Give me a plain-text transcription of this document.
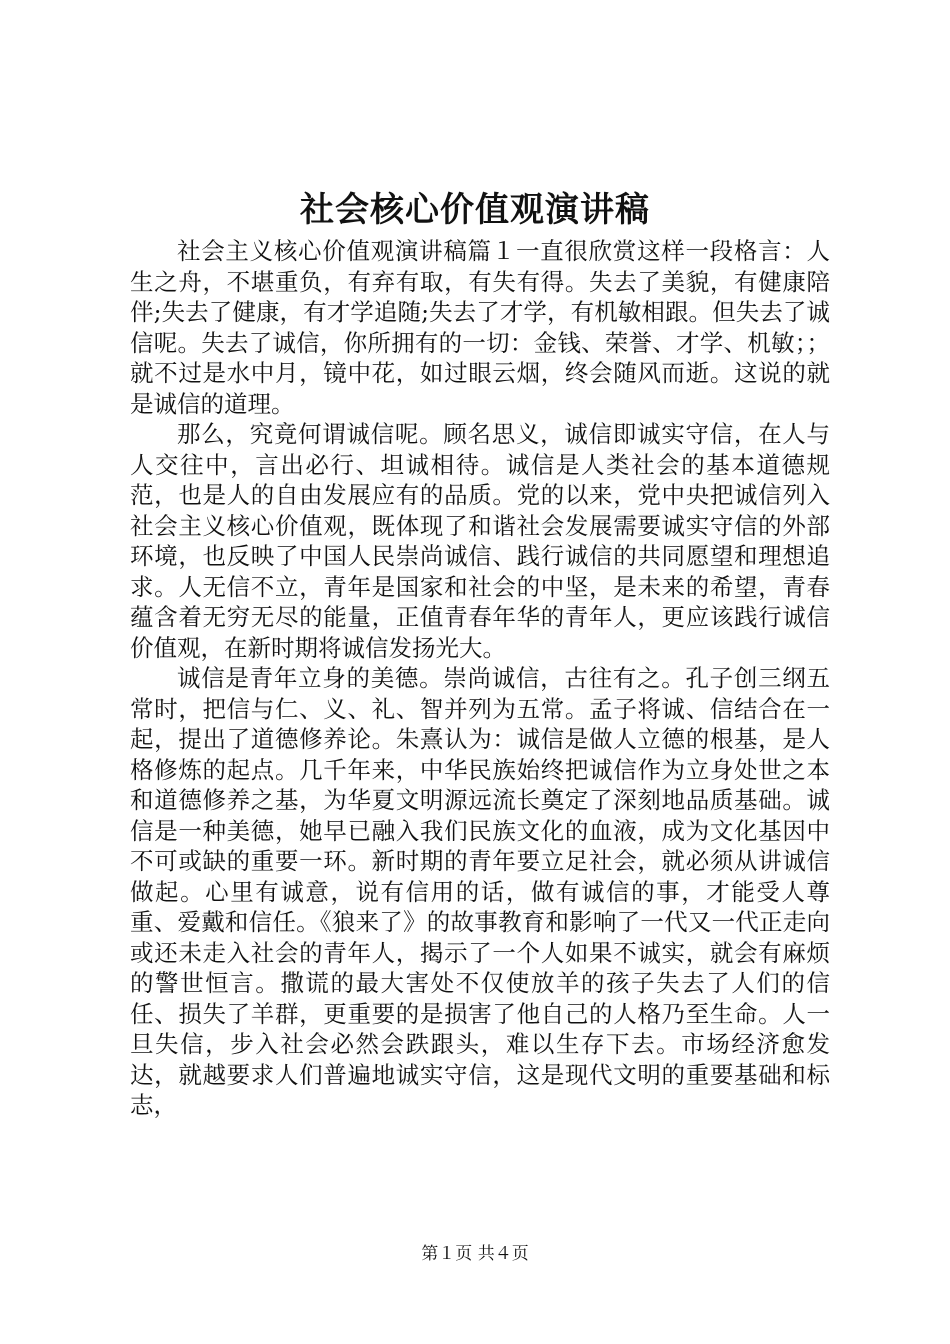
社会核心价值观演讲稿

社会主义核心价值观演讲稿篇１一直很欣赏这样一段格言：人生之舟，不堪重负，有弃有取，有失有得。失去了美貌，有健康陪伴;失去了健康，有才学追随;失去了才学，有机敏相跟。但失去了诚信呢。失去了诚信，你所拥有的一切：金钱、荣誉、才学、机敏；；就不过是水中月，镜中花，如过眼云烟，终会随风而逝。这说的就是诚信的道理。

那么，究竟何谓诚信呢。顾名思义，诚信即诚实守信，在人与人交往中，言出必行、坦诚相待。诚信是人类社会的基本道德规范，也是人的自由发展应有的品质。党的以来，党中央把诚信列入社会主义核心价值观，既体现了和谐社会发展需要诚实守信的外部环境，也反映了中国人民崇尚诚信、践行诚信的共同愿望和理想追求。人无信不立，青年是国家和社会的中坚，是未来的希望，青春蕴含着无穷无尽的能量，正值青春年华的青年人，更应该践行诚信价值观，在新时期将诚信发扬光大。

诚信是青年立身的美德。崇尚诚信，古往有之。孔子创三纲五常时，把信与仁、义、礼、智并列为五常。孟子将诚、信结合在一起，提出了道德修养论。朱熹认为：诚信是做人立德的根基，是人格修炼的起点。几千年来，中华民族始终把诚信作为立身处世之本和道德修养之基，为华夏文明源远流长奠定了深刻地品质基础。诚信是一种美德，她早已融入我们民族文化的血液，成为文化基因中不可或缺的重要一环。新时期的青年要立足社会，就必须从讲诚信做起。心里有诚意，说有信用的话，做有诚信的事，才能受人尊重、爱戴和信任。《狼来了》的故事教育和影响了一代又一代正走向或还未走入社会的青年人，揭示了一个人如果不诚实，就会有麻烦的警世恒言。撒谎的最大害处不仅使放羊的孩子失去了人们的信任、损失了羊群，更重要的是损害了他自己的人格乃至生命。人一旦失信，步入社会必然会跌跟头，难以生存下去。市场经济愈发达，就越要求人们普遍地诚实守信，这是现代文明的重要基础和标志，

第１页 共４页
